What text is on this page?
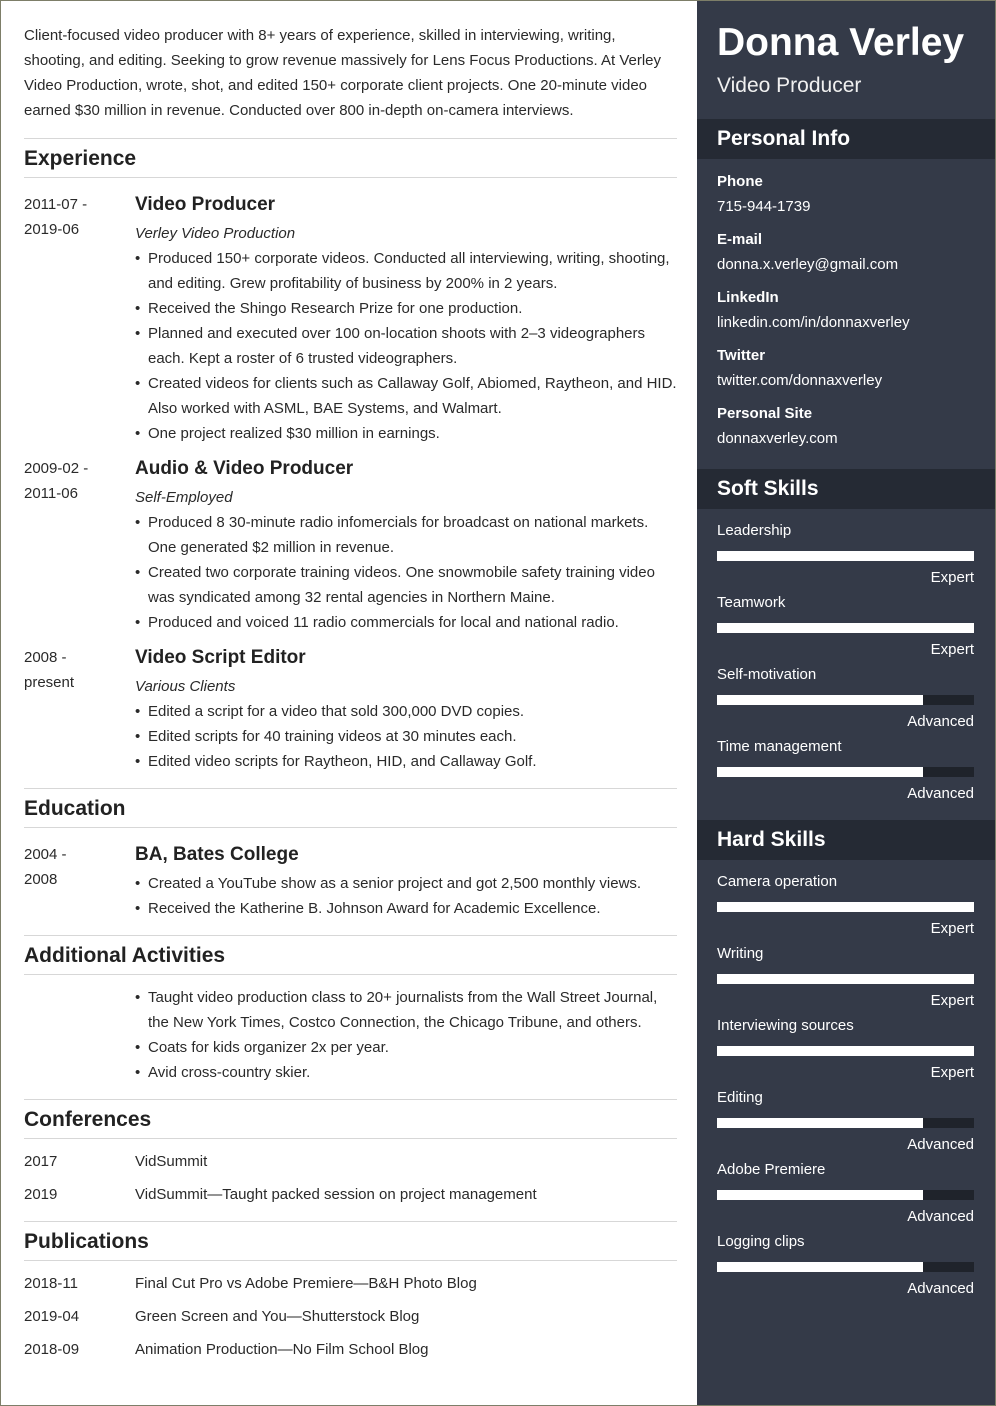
Client-focused video producer with 8+ years of experience, skilled in interviewing, writing, shooting, and editing. Seeking to grow revenue massively for Lens Focus Productions. At Verley Video Production, wrote, shot, and edited 150+ corporate client projects. One 20-minute video earned $30 million in revenue. Conducted over 800 in-depth on-camera interviews.

Experience
2011-07 -
2019-06
Video Producer
Verley Video Production
• Produced 150+ corporate videos. Conducted all interviewing, writing, shooting, and editing. Grew profitability of business by 200% in 2 years.
• Received the Shingo Research Prize for one production.
• Planned and executed over 100 on-location shoots with 2–3 videographers each. Kept a roster of 6 trusted videographers.
• Created videos for clients such as Callaway Golf, Abiomed, Raytheon, and HID. Also worked with ASML, BAE Systems, and Walmart.
• One project realized $30 million in earnings.
2009-02 -
2011-06
Audio & Video Producer
Self-Employed
• Produced 8 30-minute radio infomercials for broadcast on national markets. One generated $2 million in revenue.
• Created two corporate training videos. One snowmobile safety training video was syndicated among 32 rental agencies in Northern Maine.
• Produced and voiced 11 radio commercials for local and national radio.
2008 -
present
Video Script Editor
Various Clients
• Edited a script for a video that sold 300,000 DVD copies.
• Edited scripts for 40 training videos at 30 minutes each.
• Edited video scripts for Raytheon, HID, and Callaway Golf.
Education
2004 -
2008
BA, Bates College
• Created a YouTube show as a senior project and got 2,500 monthly views.
• Received the Katherine B. Johnson Award for Academic Excellence.
Additional Activities
• Taught video production class to 20+ journalists from the Wall Street Journal, the New York Times, Costco Connection, the Chicago Tribune, and others.
• Coats for kids organizer 2x per year.
• Avid cross-country skier.
Conferences
2017	VidSummit
2019	VidSummit—Taught packed session on project management
Publications
2018-11	Final Cut Pro vs Adobe Premiere—B&H Photo Blog
2019-04	Green Screen and You—Shutterstock Blog
2018-09	Animation Production—No Film School Blog
Donna Verley
Video Producer
Personal Info
Phone
715-944-1739
E-mail
donna.x.verley@gmail.com
LinkedIn
linkedin.com/in/donnaxverley
Twitter
twitter.com/donnaxverley
Personal Site
donnaxverley.com
Soft Skills
Leadership
Expert
Teamwork
Expert
Self-motivation
Advanced
Time management
Advanced
Hard Skills
Camera operation
Expert
Writing
Expert
Interviewing sources
Expert
Editing
Advanced
Adobe Premiere
Advanced
Logging clips
Advanced
